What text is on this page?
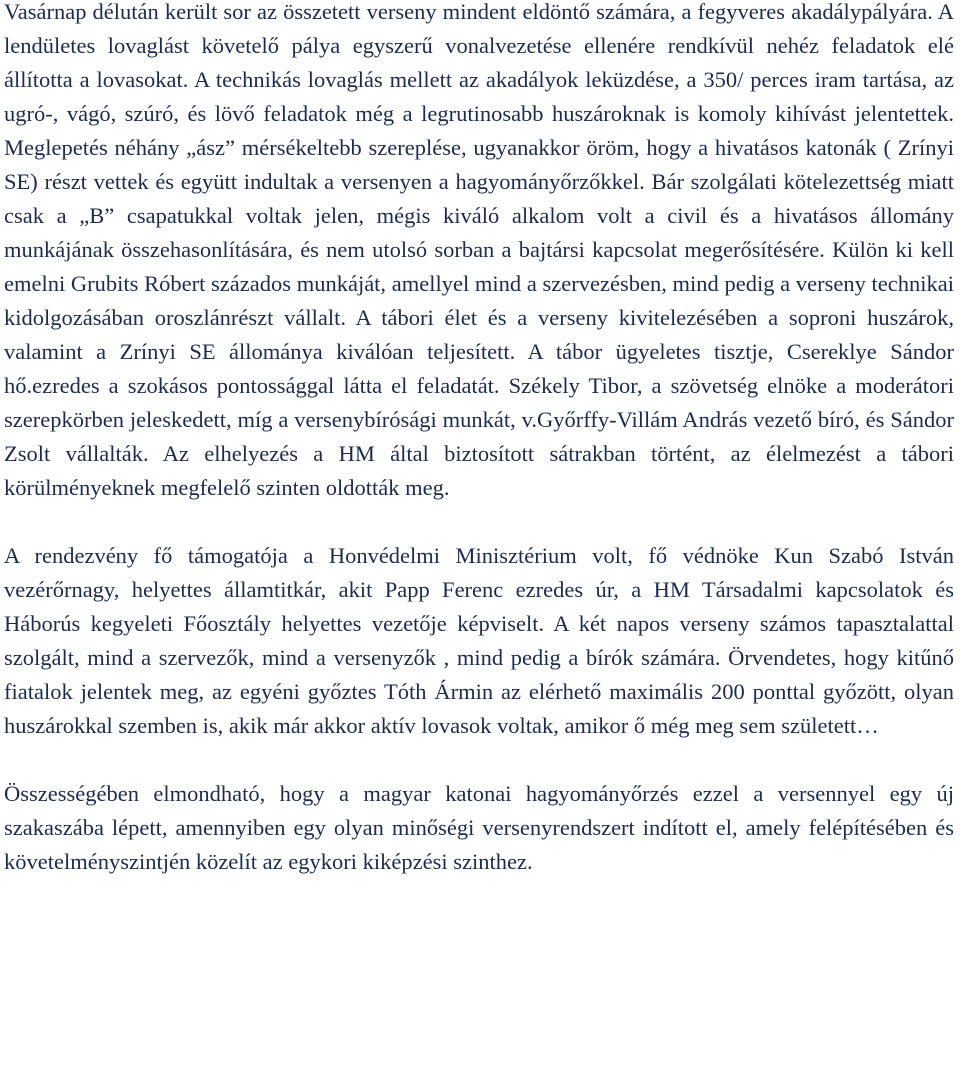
Vasárnap délután került sor az összetett verseny mindent eldöntő számára, a fegyveres akadálypályára. A lendületes lovaglást követelő pálya egyszerű vonalvezetése ellenére rendkívül nehéz feladatok elé állította a lovasokat. A technikás lovaglás mellett az akadályok leküzdése, a 350/ perces iram tartása, az ugró-, vágó, szúró, és lövő feladatok még a legrutinosabb huszároknak is komoly kihívást jelentettek. Meglepetés néhány „ász” mérsékeltebb szereplése, ugyanakkor öröm, hogy a hivatásos katonák ( Zrínyi SE) részt vettek és együtt indultak a versenyen a hagyományőrzőkkel. Bár szolgálati kötelezettség miatt csak a „B” csapatukkal voltak jelen, mégis kiváló alkalom volt a civil és a hivatásos állomány munkájának összehasonlítására, és nem utolsó sorban a bajtársi kapcsolat megerősítésére. Külön ki kell emelni Grubits Róbert százados munkáját, amellyel mind a szervezésben, mind pedig a verseny technikai kidolgozásában oroszlánrészt vállalt. A tábori élet és a verseny kivitelezésében a soproni huszárok, valamint a Zrínyi SE állománya kiválóan teljesített. A tábor ügyeletes tisztje, Csereklye Sándor hő.ezredes a szokásos pontossággal látta el feladatát. Székely Tibor, a szövetség elnöke a moderátori szerepkörben jeleskedett, míg a versenybírósági munkát, v.Győrffy-Villám András vezető bíró, és Sándor Zsolt vállalták. Az elhelyezés a HM által biztosított sátrakban történt, az élelmezést a tábori körülményeknek megfelelő szinten oldották meg.

A rendezvény fő támogatója a Honvédelmi Minisztérium volt, fő védnöke Kun Szabó István vezérőrnagy, helyettes államtitkár, akit Papp Ferenc ezredes úr, a HM Társadalmi kapcsolatok és Háborús kegyeleti Főosztály helyettes vezetője képviselt. A két napos verseny számos tapasztalattal szolgált, mind a szervezők, mind a versenyzők , mind pedig a bírók számára. Örvendetes, hogy kitűnő fiatalok jelentek meg, az egyéni győztes Tóth Ármin az elérhető maximális 200 ponttal győzött, olyan huszárokkal szemben is, akik már akkor aktív lovasok voltak, amikor ő még meg sem született…

Összességében elmondható, hogy a magyar katonai hagyományőrzés ezzel a versennyel egy új szakaszába lépett, amennyiben egy olyan minőségi versenyrendszert indított el, amely felépítésében és követelményszintjén közelít az egykori kiképzési szinthez.
